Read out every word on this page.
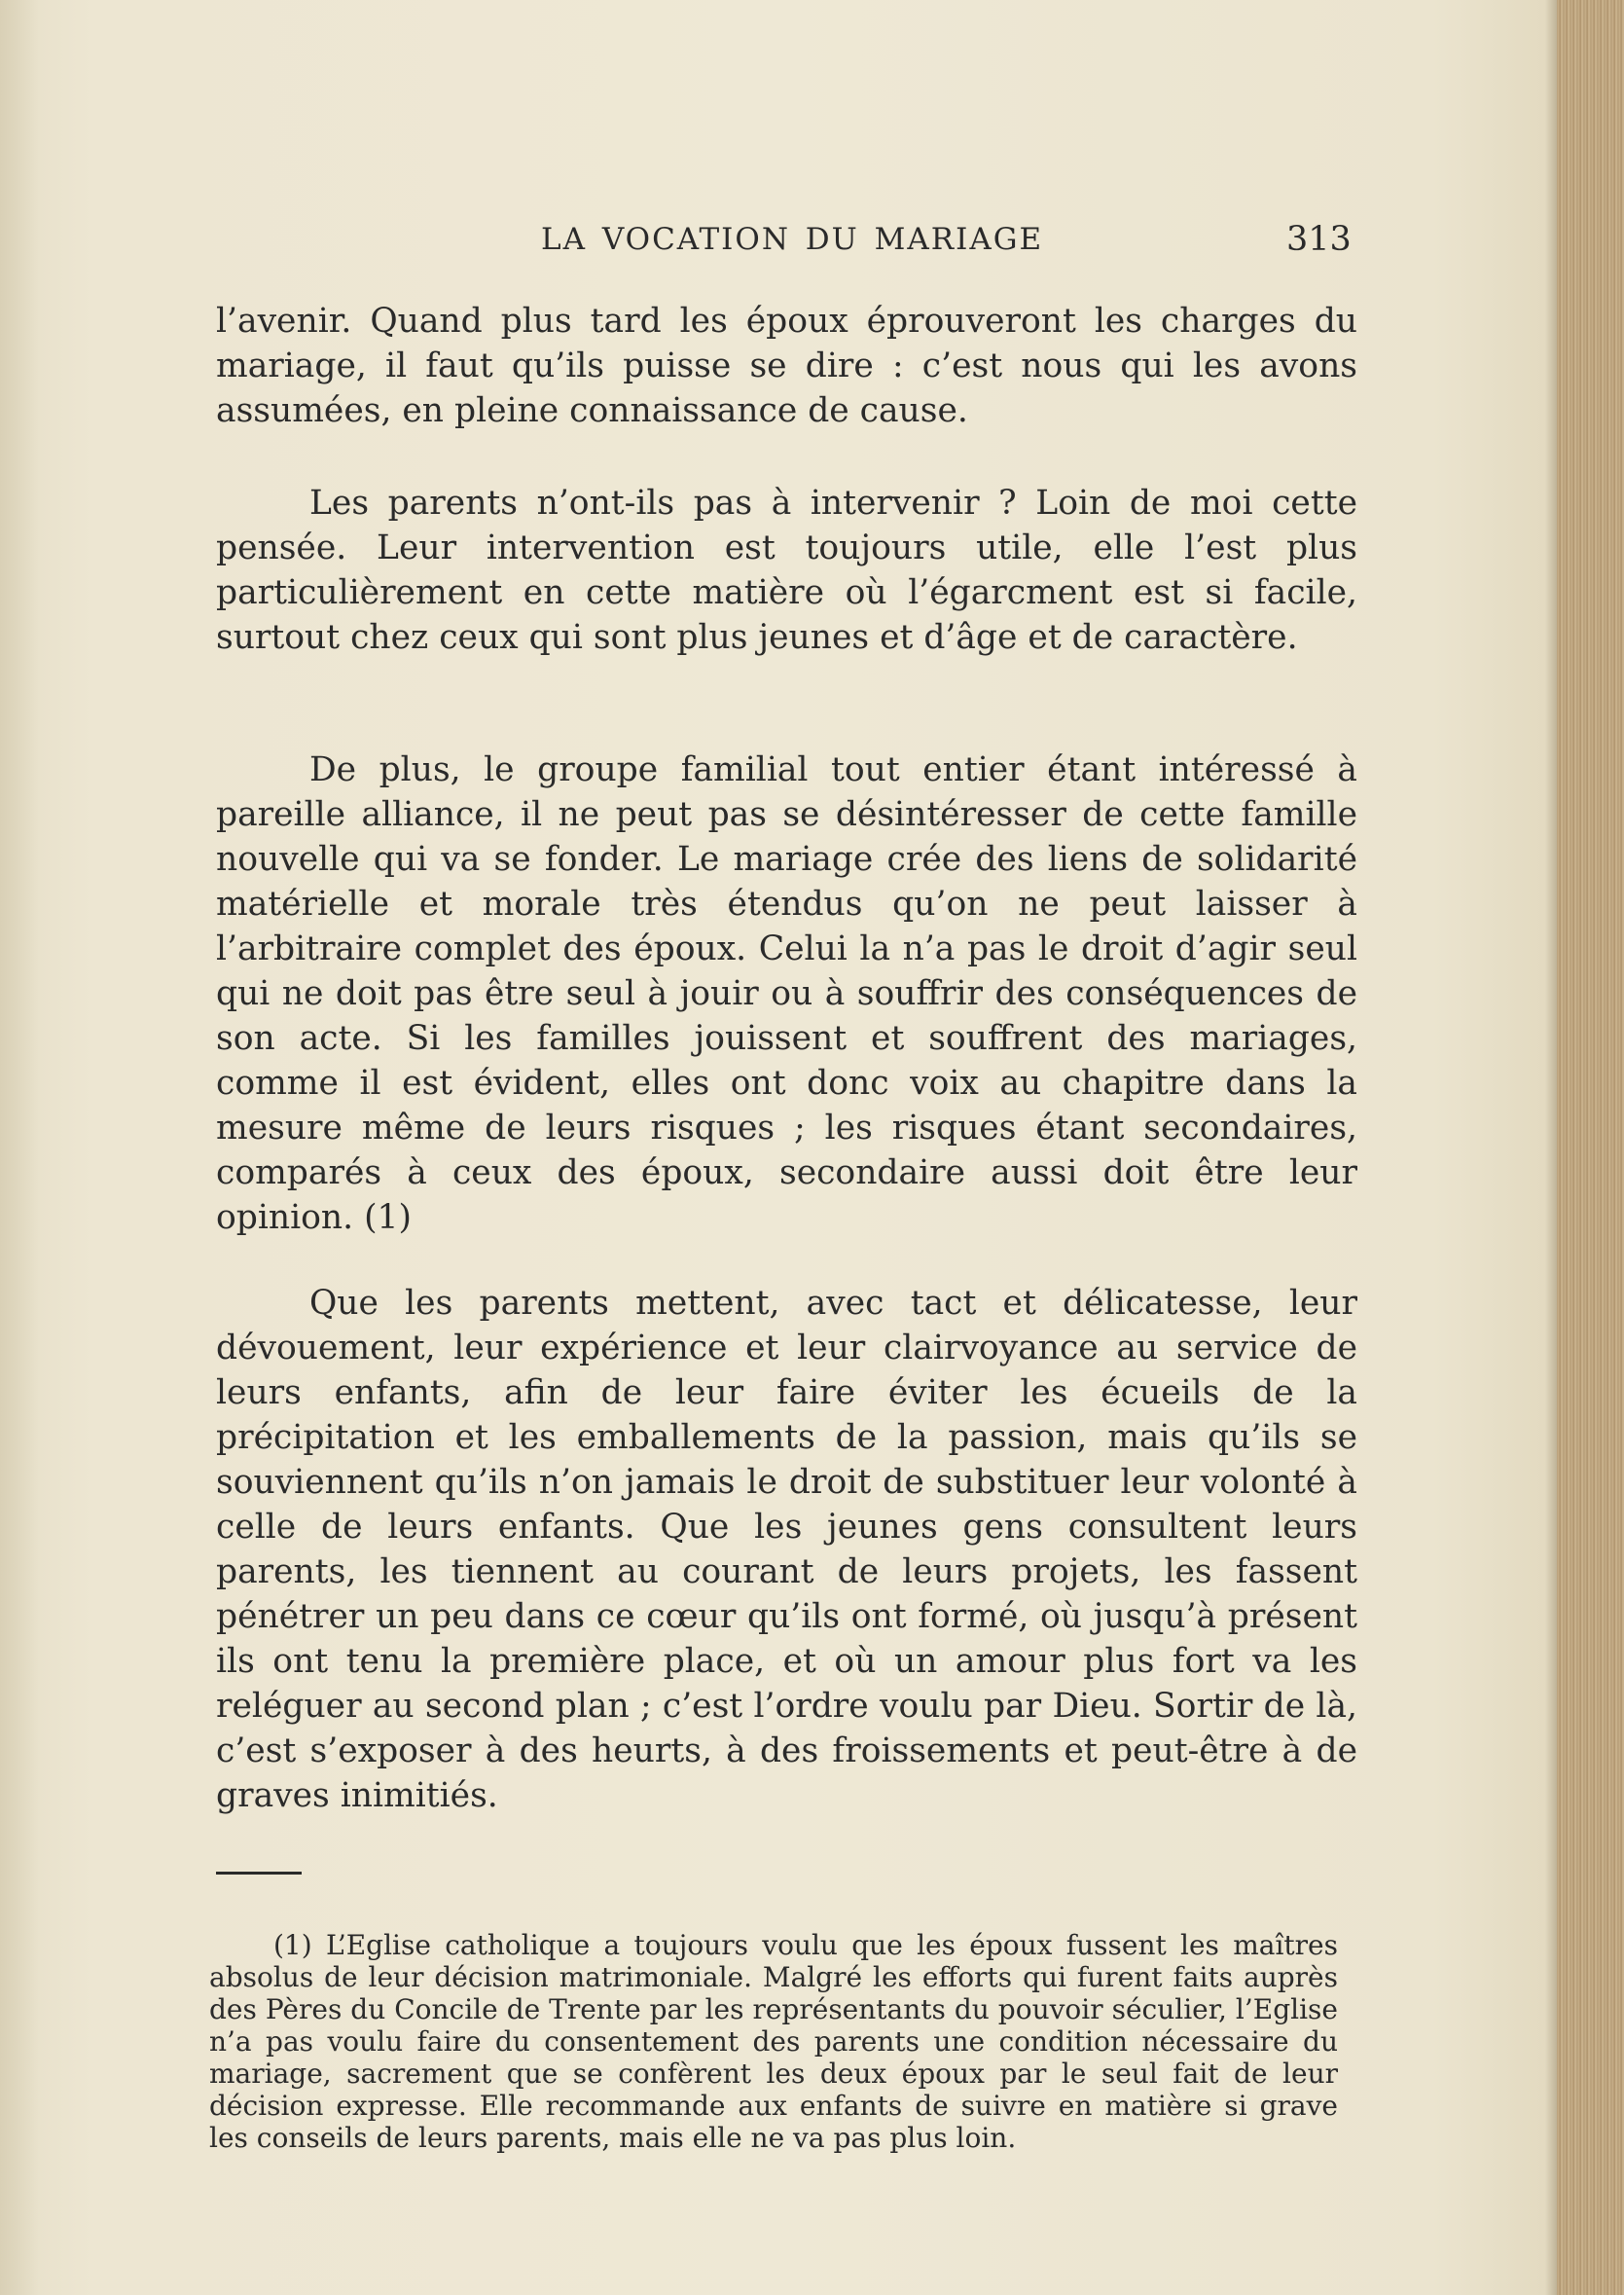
LA VOCATION DU MARIAGE	313

l’avenir. Quand plus tard les époux éprouveront les charges du mariage, il faut qu’ils puisse se dire : c’est nous qui les avons assumées, en pleine connaissance de cause.

Les parents n’ont-ils pas à intervenir ? Loin de moi cette pensée. Leur intervention est toujours utile, elle l’est plus particulièrement en cette matière où l’égarcment est si facile, surtout chez ceux qui sont plus jeunes et d’âge et de caractère.

De plus, le groupe familial tout entier étant intéressé à pareille alliance, il ne peut pas se désintéresser de cette famille nouvelle qui va se fonder. Le mariage crée des liens de solidarité matérielle et morale très étendus qu’on ne peut laisser à l’arbitraire complet des époux. Celui la n’a pas le droit d’agir seul qui ne doit pas être seul à jouir ou à souffrir des conséquences de son acte. Si les familles jouissent et souffrent des mariages, comme il est évident, elles ont donc voix au chapitre dans la mesure même de leurs risques ; les risques étant secondaires, comparés à ceux des époux, secondaire aussi doit être leur opinion. (1)

Que les parents mettent, avec tact et délicatesse, leur dévouement, leur expérience et leur clairvoyance au service de leurs enfants, afin de leur faire éviter les écueils de la précipitation et les emballements de la passion, mais qu’ils se souviennent qu’ils n’on jamais le droit de substituer leur volonté à celle de leurs enfants. Que les jeunes gens consultent leurs parents, les tiennent au courant de leurs projets, les fassent pénétrer un peu dans ce cœur qu’ils ont formé, où jusqu’à présent ils ont tenu la première place, et où un amour plus fort va les reléguer au second plan ; c’est l’ordre voulu par Dieu. Sortir de là, c’est s’exposer à des heurts, à des froissements et peut-être à de graves inimitiés.

(1) L’Eglise catholique a toujours voulu que les époux fussent les maîtres absolus de leur décision matrimoniale. Malgré les efforts qui furent faits auprès des Pères du Concile de Trente par les représentants du pouvoir séculier, l’Eglise n’a pas voulu faire du consentement des parents une condition nécessaire du mariage, sacrement que se confèrent les deux époux par le seul fait de leur décision expresse. Elle recommande aux enfants de suivre en matière si grave les conseils de leurs parents, mais elle ne va pas plus loin.
